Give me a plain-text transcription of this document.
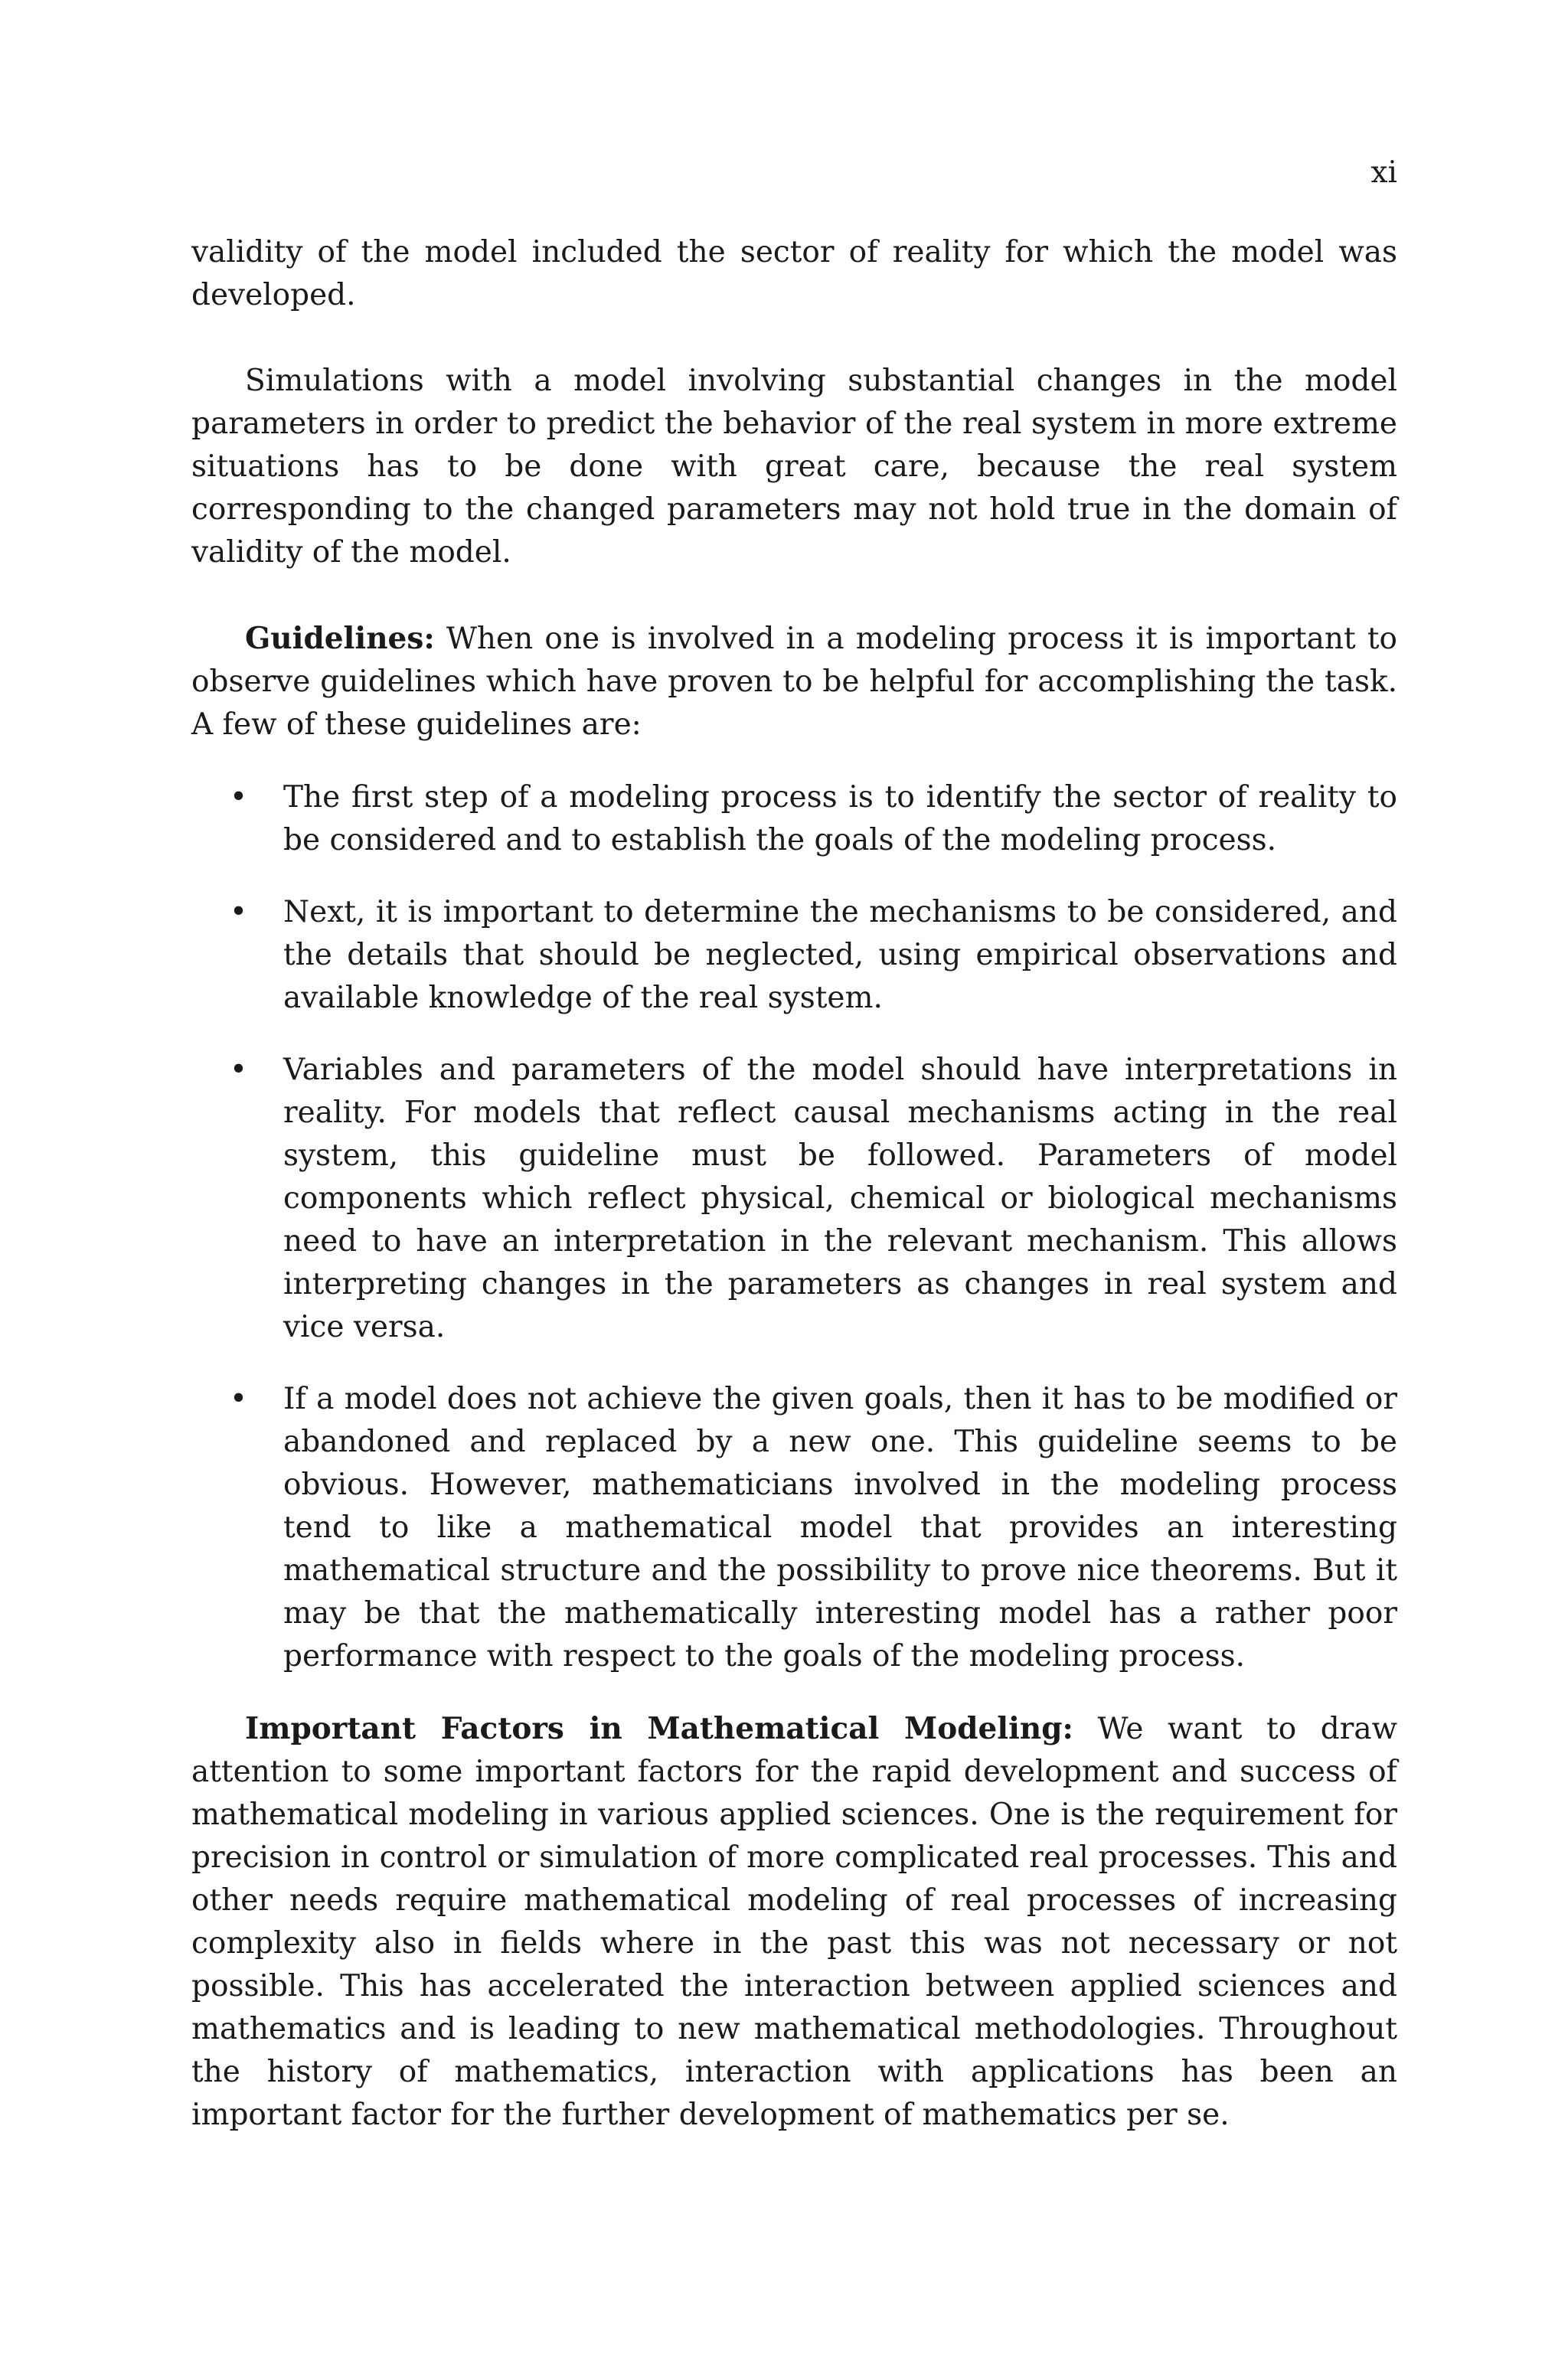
xi

validity of the model included the sector of reality for which the model was developed.

Simulations with a model involving substantial changes in the model parameters in order to predict the behavior of the real system in more extreme situations has to be done with great care, because the real system corresponding to the changed parameters may not hold true in the domain of validity of the model.

Guidelines: When one is involved in a modeling process it is important to observe guidelines which have proven to be helpful for accomplishing the task. A few of these guidelines are:

• The first step of a modeling process is to identify the sector of reality to be considered and to establish the goals of the modeling process.
• Next, it is important to determine the mechanisms to be considered, and the details that should be neglected, using empirical observations and available knowledge of the real system.
• Variables and parameters of the model should have interpretations in reality. For models that reflect causal mechanisms acting in the real system, this guideline must be followed. Parameters of model components which reflect physical, chemical or biological mechanisms need to have an interpretation in the relevant mechanism. This allows interpreting changes in the parameters as changes in real system and vice versa.
• If a model does not achieve the given goals, then it has to be modified or abandoned and replaced by a new one. This guideline seems to be obvious. However, mathematicians involved in the modeling process tend to like a mathematical model that provides an interesting mathematical structure and the possibility to prove nice theorems. But it may be that the mathematically interesting model has a rather poor performance with respect to the goals of the modeling process.

Important Factors in Mathematical Modeling: We want to draw attention to some important factors for the rapid development and success of mathematical modeling in various applied sciences. One is the requirement for precision in control or simulation of more complicated real processes. This and other needs require mathematical modeling of real processes of increasing complexity also in fields where in the past this was not necessary or not possible. This has accelerated the interaction between applied sciences and mathematics and is leading to new mathematical methodologies. Throughout the history of mathematics, interaction with applications has been an important factor for the further development of mathematics per se.
